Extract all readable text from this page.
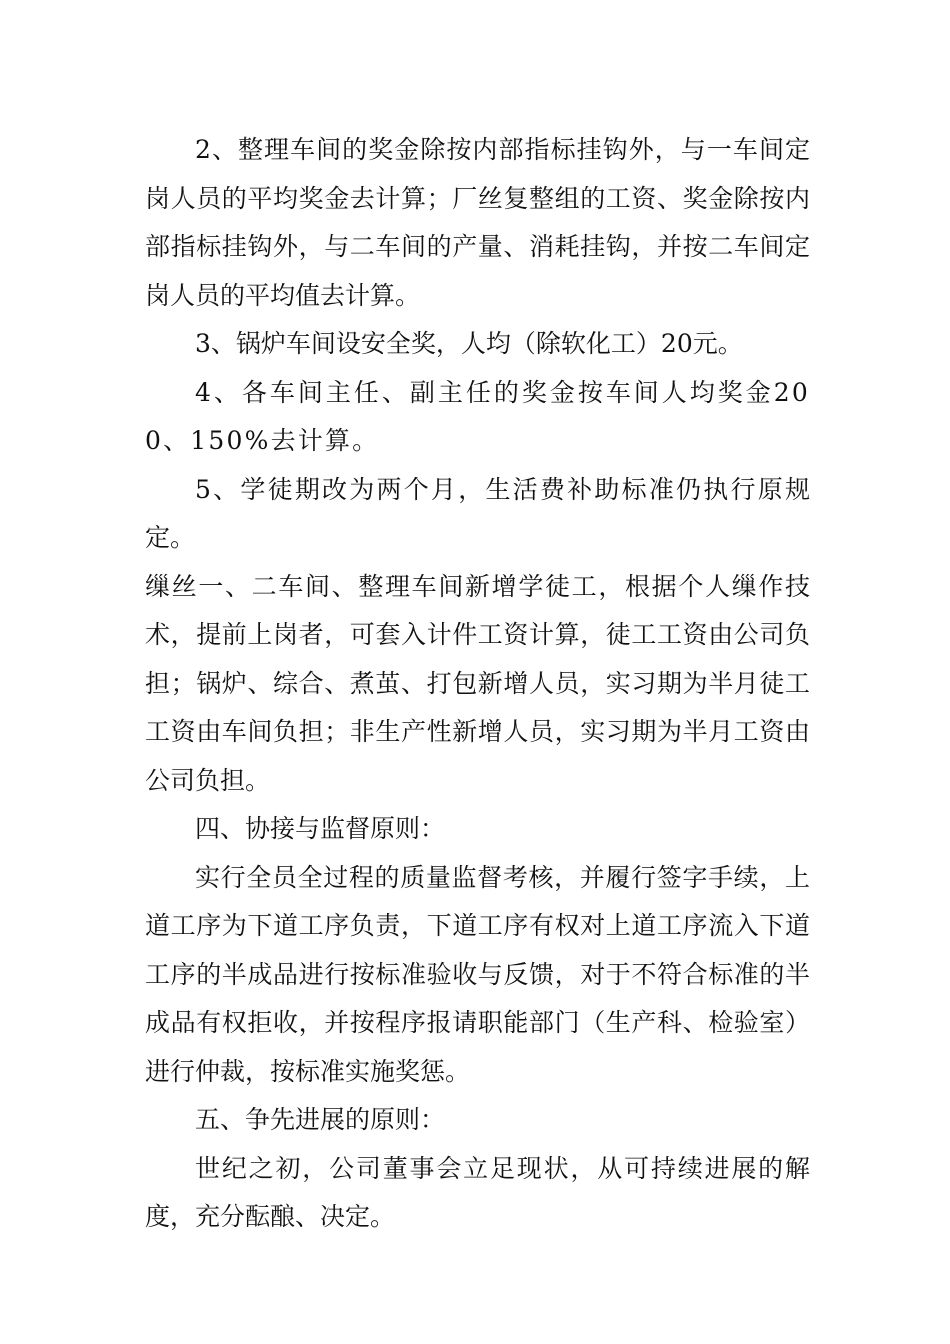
2、整理车间的奖金除按内部指标挂钩外，与一车间定岗人员的平均奖金去计算；厂丝复整组的工资、奖金除按内部指标挂钩外，与二车间的产量、消耗挂钩，并按二车间定岗人员的平均值去计算。

3、锅炉车间设安全奖，人均（除软化工）20元。

4、各车间主任、副主任的奖金按车间人均奖金200、150%去计算。

5、学徒期改为两个月，生活费补助标准仍执行原规定。

缫丝一、二车间、整理车间新增学徒工，根据个人缫作技术，提前上岗者，可套入计件工资计算，徒工工资由公司负担；锅炉、综合、煮茧、打包新增人员，实习期为半月徒工工资由车间负担；非生产性新增人员，实习期为半月工资由公司负担。

四、协接与监督原则：

实行全员全过程的质量监督考核，并履行签字手续，上道工序为下道工序负责，下道工序有权对上道工序流入下道工序的半成品进行按标准验收与反馈，对于不符合标准的半成品有权拒收，并按程序报请职能部门（生产科、检验室）进行仲裁，按标准实施奖惩。

五、争先进展的原则：

世纪之初，公司董事会立足现状，从可持续进展的解度，充分酝酿、决定。
